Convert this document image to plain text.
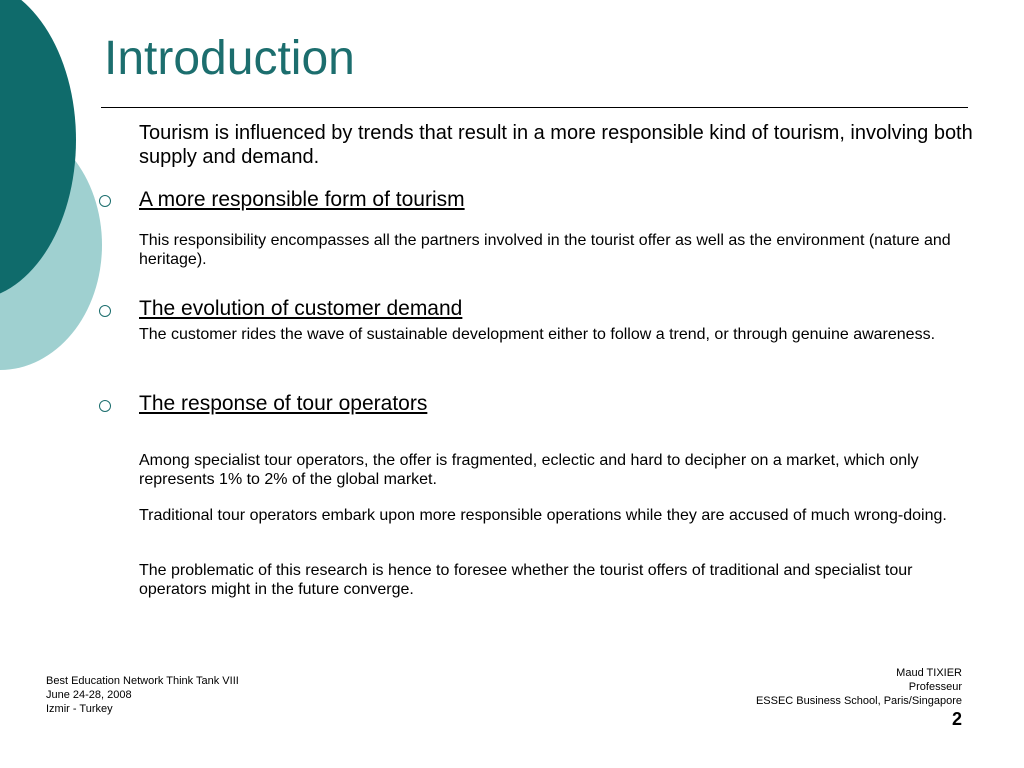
Introduction

Tourism is influenced by trends that result in a more responsible kind of tourism, involving both supply and demand.

A more responsible form of tourism

This responsibility encompasses all the partners involved in the tourist offer as well as the environment (nature and heritage).

The evolution of customer demand

The customer rides the wave of sustainable development either to follow a trend, or through genuine awareness.

The response of tour operators

Among specialist tour operators, the offer is fragmented, eclectic and hard to decipher on a market, which only represents 1% to 2% of the global market.

Traditional tour operators embark upon more responsible operations while they are accused of much wrong-doing.

The problematic of this research is hence to foresee whether the tourist offers of traditional and specialist tour operators might in the future converge.

Best Education Network Think Tank VIII
June 24-28, 2008
Izmir - Turkey
Maud TIXIER
Professeur
ESSEC Business School, Paris/Singapore
2
